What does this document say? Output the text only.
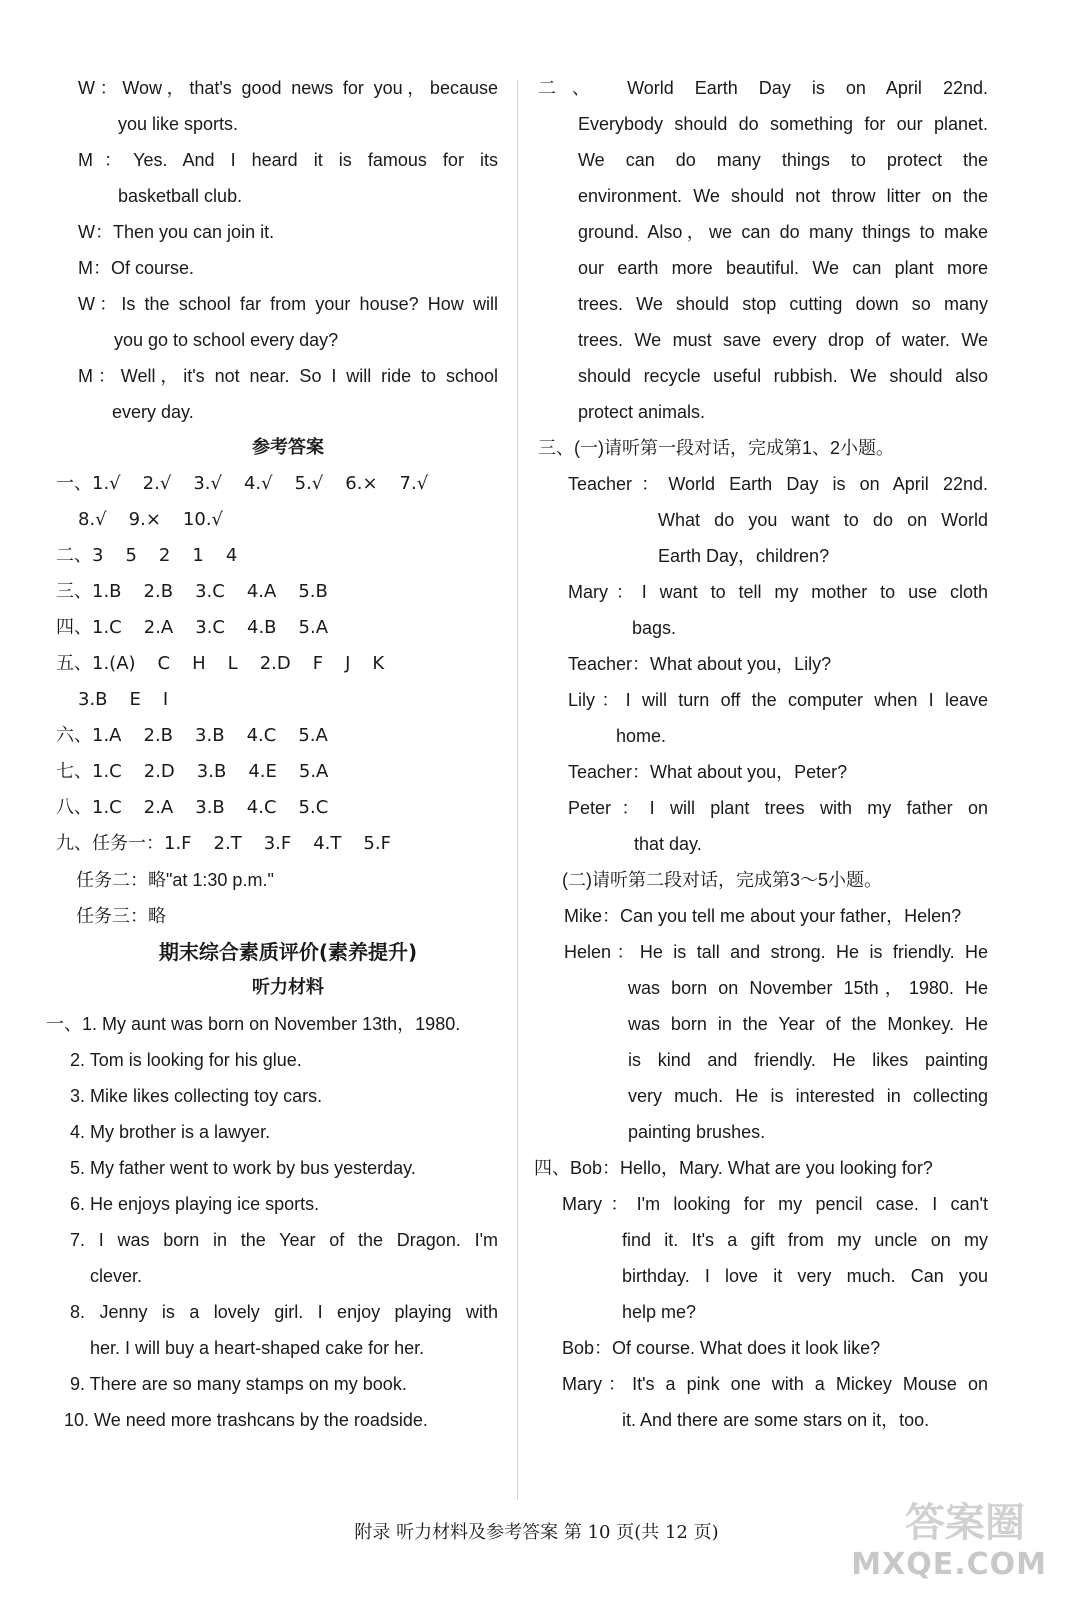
W：Wow，that's good news for you，because
you like sports.
M：Yes. And I heard it is famous for its
basketball club.
W：Then you can join it.
M：Of course.
W：Is the school far from your house? How will
you go to school every day?
M：Well，it's not near. So I will ride to school
every day.
参考答案
一、1.√ 2.√ 3.√ 4.√ 5.√ 6.× 7.√
8.√ 9.× 10.√
二、3 5 2 1 4
三、1.B 2.B 3.C 4.A 5.B
四、1.C 2.A 3.C 4.B 5.A
五、1.(A) C H L 2.D F J K
3.B E I
六、1.A 2.B 3.B 4.C 5.A
七、1.C 2.D 3.B 4.E 5.A
八、1.C 2.A 3.B 4.C 5.C
九、任务一：1.F 2.T 3.F 4.T 5.F
任务二：略"at 1:30 p.m."
任务三：略
期末综合素质评价(素养提升)
听力材料
一、1. My aunt was born on November 13th，1980.
2. Tom is looking for his glue.
3. Mike likes collecting toy cars.
4. My brother is a lawyer.
5. My father went to work by bus yesterday.
6. He enjoys playing ice sports.
7. I was born in the Year of the Dragon. I'm
clever.
8. Jenny is a lovely girl. I enjoy playing with
her. I will buy a heart-shaped cake for her.
9. There are so many stamps on my book.
10. We need more trashcans by the roadside.
二、 World Earth Day is on April 22nd.
Everybody should do something for our planet.
We can do many things to protect the
environment. We should not throw litter on the
ground. Also，we can do many things to make
our earth more beautiful. We can plant more
trees. We should stop cutting down so many
trees. We must save every drop of water. We
should recycle useful rubbish. We should also
protect animals.
三、(一)请听第一段对话，完成第1、2小题。
Teacher：World Earth Day is on April 22nd.
What do you want to do on World
Earth Day，children?
Mary：I want to tell my mother to use cloth
bags.
Teacher：What about you，Lily?
Lily：I will turn off the computer when I leave
home.
Teacher：What about you，Peter?
Peter：I will plant trees with my father on
that day.
(二)请听第二段对话，完成第3～5小题。
Mike：Can you tell me about your father，Helen?
Helen：He is tall and strong. He is friendly. He
was born on November 15th，1980. He
was born in the Year of the Monkey. He
is kind and friendly. He likes painting
very much. He is interested in collecting
painting brushes.
四、Bob：Hello，Mary. What are you looking for?
Mary：I'm looking for my pencil case. I can't
find it. It's a gift from my uncle on my
birthday. I love it very much. Can you
help me?
Bob：Of course. What does it look like?
Mary：It's a pink one with a Mickey Mouse on
it. And there are some stars on it，too.
附录 听力材料及参考答案 第 10 页(共 12 页)	答案圈
MXQE.COM
